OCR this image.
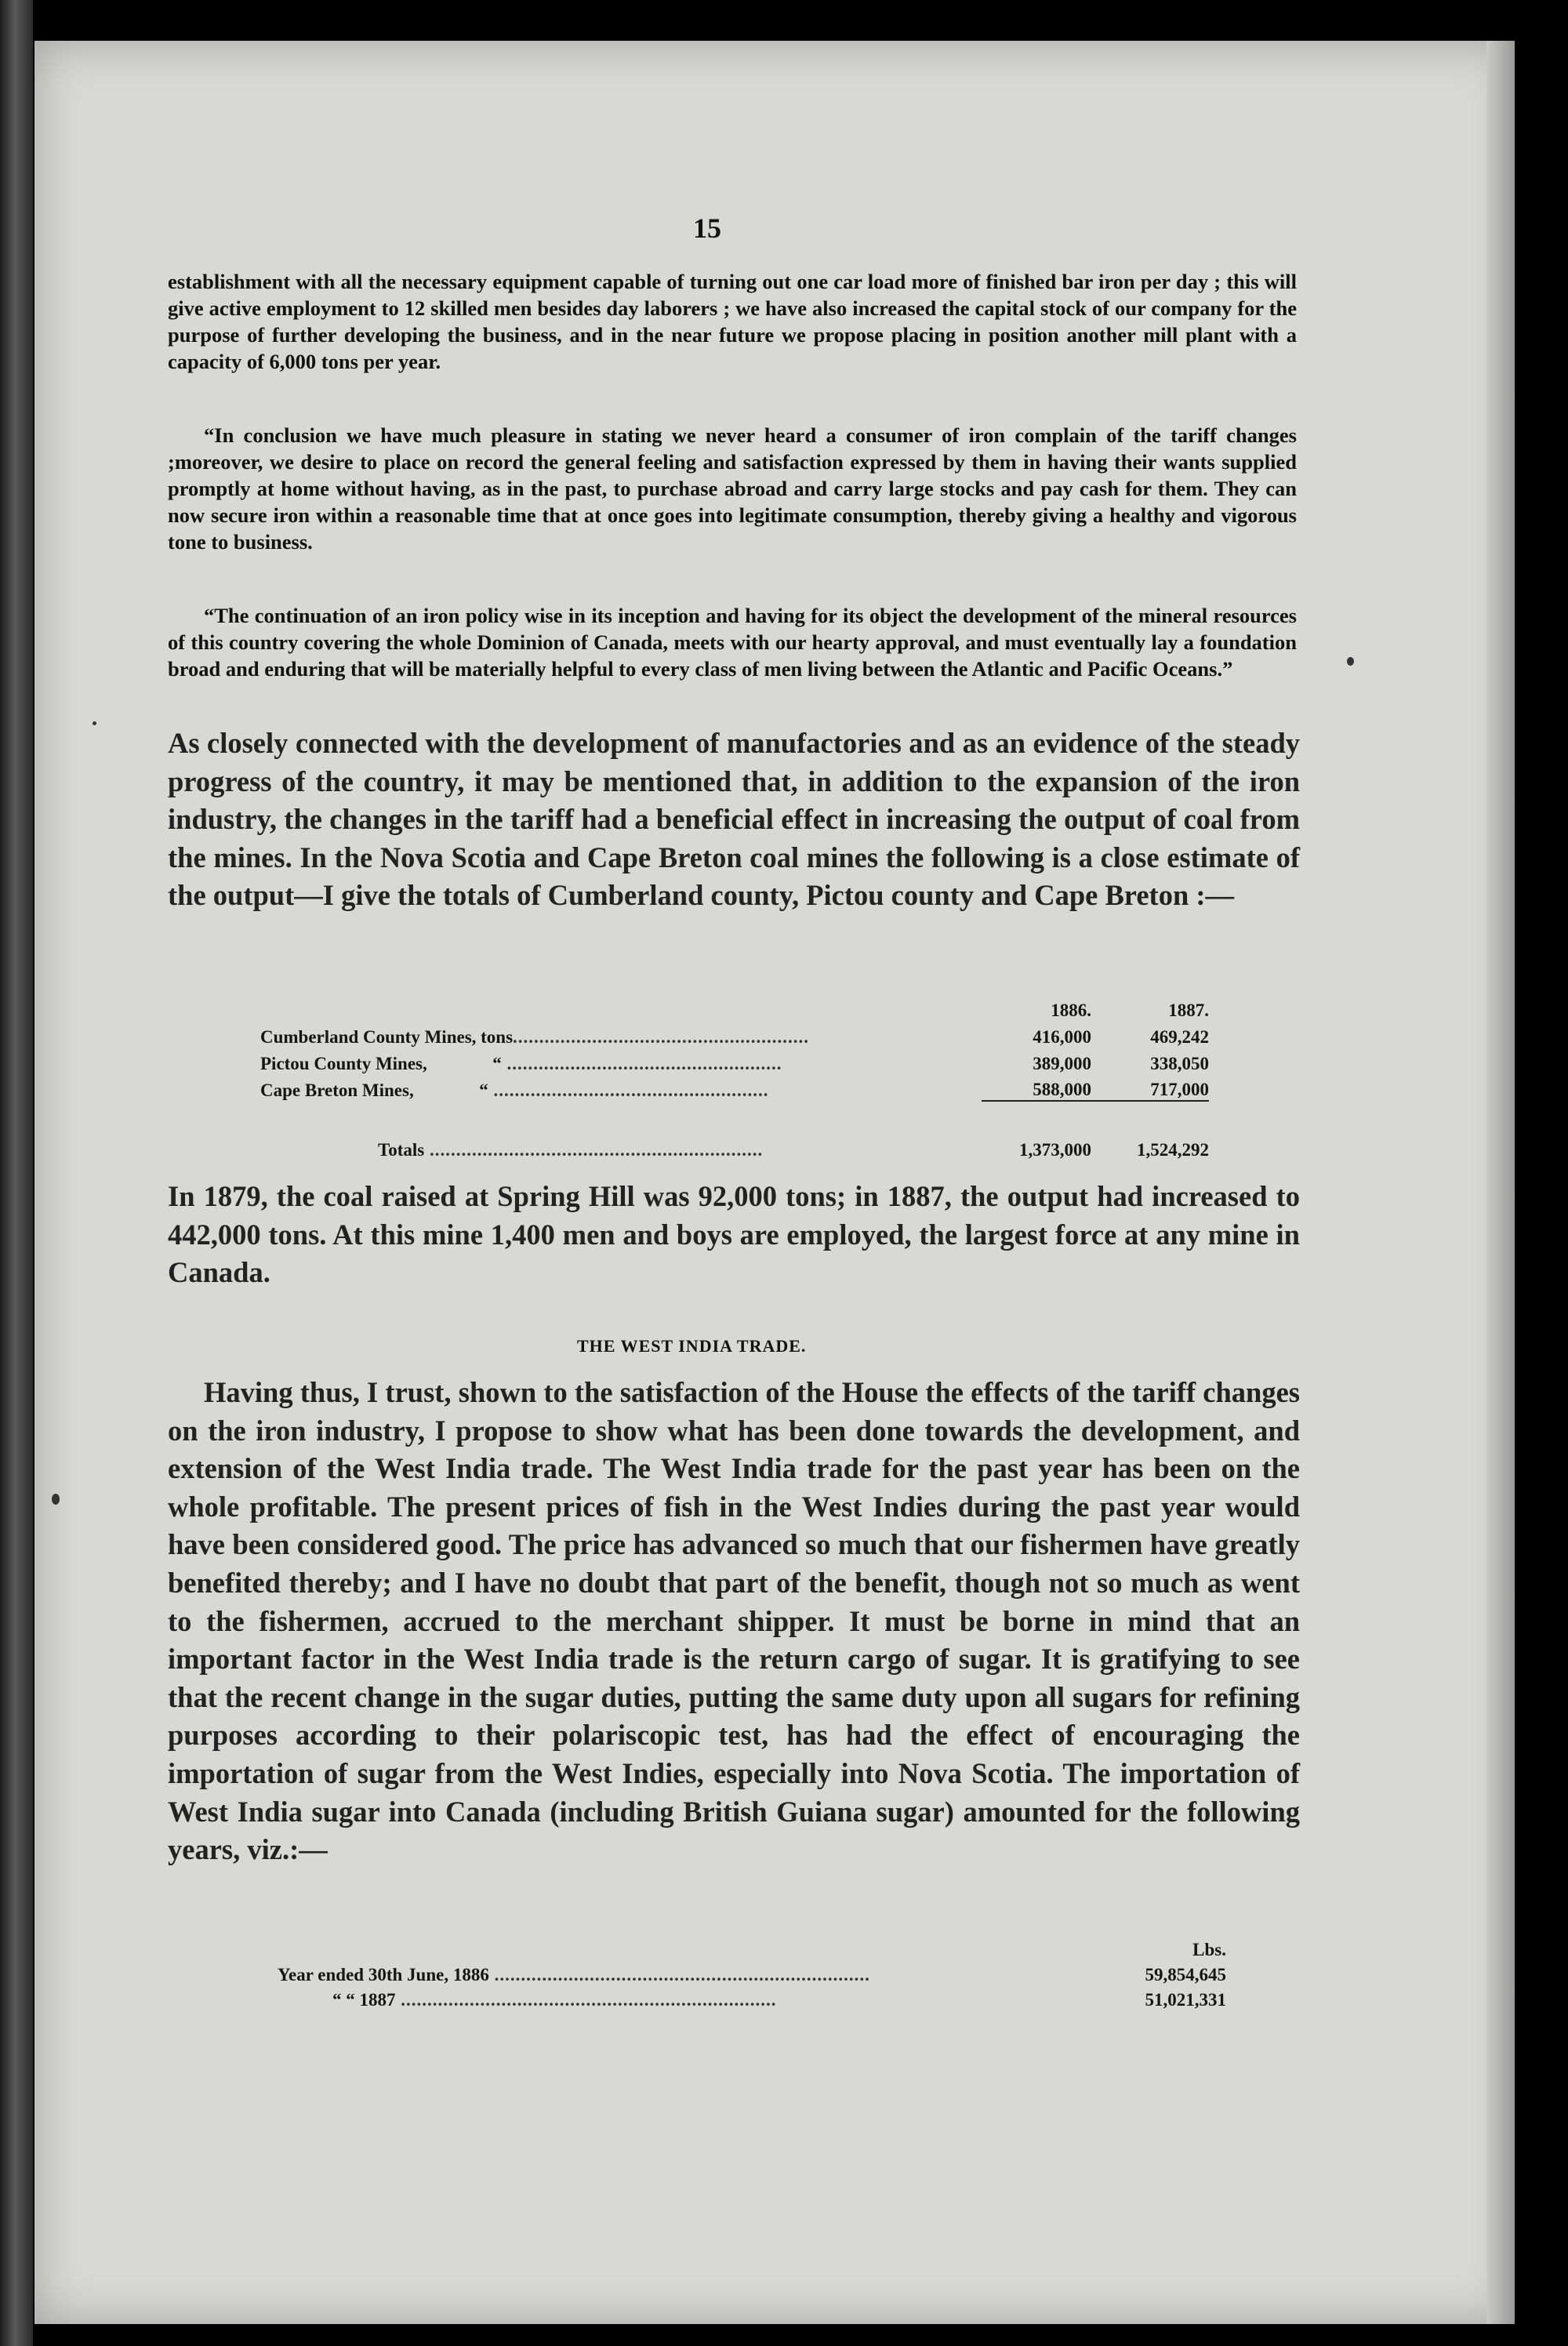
15
establishment with all the necessary equipment capable of turning out one car load more of finished bar iron per day ; this will give active employment to 12 skilled men besides day laborers ; we have also increased the capital stock of our company for the purpose of further developing the business, and in the near future we propose placing in position another mill plant with a capacity of 6,000 tons per year.
“In conclusion we have much pleasure in stating we never heard a consumer of iron complain of the tariff changes ;moreover, we desire to place on record the general feeling and satisfaction expressed by them in having their wants supplied promptly at home without having, as in the past, to purchase abroad and carry large stocks and pay cash for them. They can now secure iron within a reasonable time that at once goes into legitimate consumption, thereby giving a healthy and vigorous tone to business.
“The continuation of an iron policy wise in its inception and having for its object the development of the mineral resources of this country covering the whole Dominion of Canada, meets with our hearty approval, and must eventually lay a foundation broad and enduring that will be materially helpful to every class of men living between the Atlantic and Pacific Oceans.”
As closely connected with the development of manufactories and as an evidence of the steady progress of the country, it may be mentioned that, in addition to the expansion of the iron industry, the changes in the tariff had a beneficial effect in increasing the output of coal from the mines. In the Nova Scotia and Cape Breton coal mines the following is a close estimate of the output—I give the totals of Cumberland county, Pictou county and Cape Breton :—
		1886.	1887.
Cumberland County Mines, tons........................................................		416,000	469,242
Pictou County Mines, “ ....................................................		389,000	338,050
Cape Breton Mines, “ ....................................................		588,000	717,000
Totals ...............................................................		1,373,000	1,524,292
In 1879, the coal raised at Spring Hill was 92,000 tons; in 1887, the output had increased to 442,000 tons. At this mine 1,400 men and boys are employed, the largest force at any mine in Canada.
THE WEST INDIA TRADE.
Having thus, I trust, shown to the satisfaction of the House the effects of the tariff changes on the iron industry, I propose to show what has been done towards the development, and extension of the West India trade. The West India trade for the past year has been on the whole profitable. The present prices of fish in the West Indies during the past year would have been considered good. The price has advanced so much that our fishermen have greatly benefited thereby; and I have no doubt that part of the benefit, though not so much as went to the fishermen, accrued to the merchant shipper. It must be borne in mind that an important factor in the West India trade is the return cargo of sugar. It is gratifying to see that the recent change in the sugar duties, putting the same duty upon all sugars for refining purposes according to their polariscopic test, has had the effect of encouraging the importation of sugar from the West Indies, especially into Nova Scotia. The importation of West India sugar into Canada (including British Guiana sugar) amounted for the following years, viz.:—
	Lbs.
Year ended 30th June, 1886 .......................................................................	59,854,645
“ “ 1887 .......................................................................	51,021,331
